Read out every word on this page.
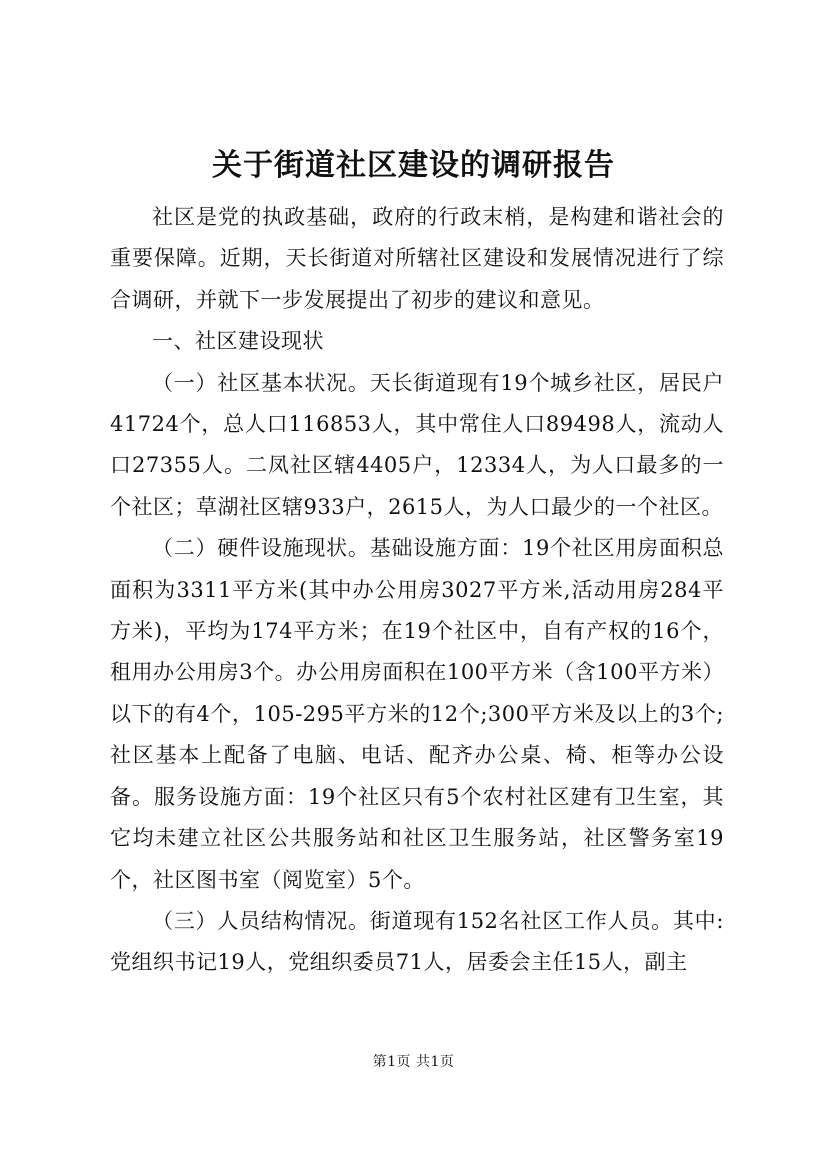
关于街道社区建设的调研报告

社区是党的执政基础，政府的行政末梢，是构建和谐社会的重要保障。近期，天长街道对所辖社区建设和发展情况进行了综合调研，并就下一步发展提出了初步的建议和意见。

一、社区建设现状

（一）社区基本状况。天长街道现有19个城乡社区，居民户41724个，总人口116853人，其中常住人口89498人，流动人口27355人。二凤社区辖4405户，12334人，为人口最多的一个社区；草湖社区辖933户，2615人，为人口最少的一个社区。

（二）硬件设施现状。基础设施方面：19个社区用房面积总面积为3311平方米(其中办公用房3027平方米,活动用房284平方米)，平均为174平方米；在19个社区中，自有产权的16个，租用办公用房3个。办公用房面积在100平方米（含100平方米）以下的有4个，105-295平方米的12个;300平方米及以上的3个;社区基本上配备了电脑、电话、配齐办公桌、椅、柜等办公设备。服务设施方面：19个社区只有5个农村社区建有卫生室，其它均未建立社区公共服务站和社区卫生服务站，社区警务室19个，社区图书室（阅览室）5个。

（三）人员结构情况。街道现有152名社区工作人员。其中:党组织书记19人，党组织委员71人，居委会主任15人，副主

第1页 共1页
